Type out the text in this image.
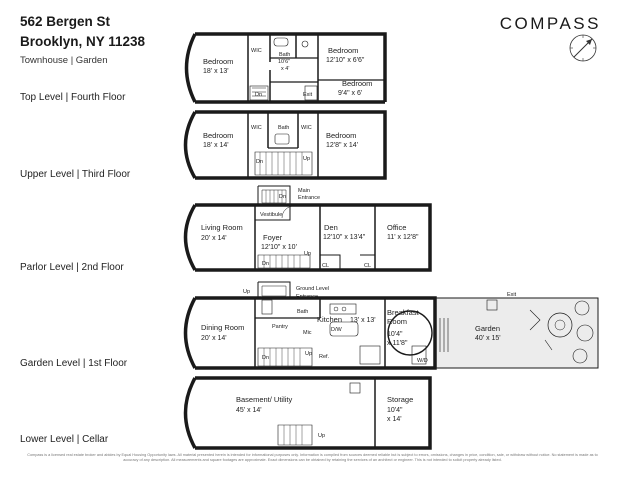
562 Bergen St
Brooklyn, NY 11238
Townhouse | Garden
COMPASS
Top Level | Fourth Floor
Upper Level | Third Floor
Parlor Level | 2nd Floor
Garden Level | 1st Floor
Lower Level | Cellar
Bedroom
18' x 13'
WIC
Bath
10'6"
x 4'
Bedroom
12'10" x 6'6"
Bedroom
9'4" x 6'
Dn	Exit
Bedroom
18' x 14'
WIC	Bath WIC
Bedroom
12'8" x 14'
Dn	Up
Dn
Main
Entrance
Vestibule
Living Room
20' x 14'	Foyer
12'10" x 10'
Den
12'10" x 13'4"
Office
11' x 12'8"
Dn
Up
CL	CL
Up	Ground Level
Entrance
Bath
Pantry
Mic	D/W
Ref.
Dining Room
20' x 14'
Kitchen 13' x 13'
Breakfast
Room
10'4"
x 11'8"
Garden
40' x 15'
Exit
Dn
Up
W/D
Basement/ Utility
45' x 14'
Storage
10'4"
x 14'
Up
Compass is a licensed real estate broker and abides by Equal Housing Opportunity laws. All material presented herein is intended for informational purposes only. Information is compiled from sources deemed reliable but is subject to errors, omissions, changes in price, condition, sale, or withdraw without notice. No statement is made as to accuracy of any description. All measurements and square footages are approximate. Exact dimensions can be obtained by retaining the services of an architect or engineer. This is not intended to solicit property already listed.
